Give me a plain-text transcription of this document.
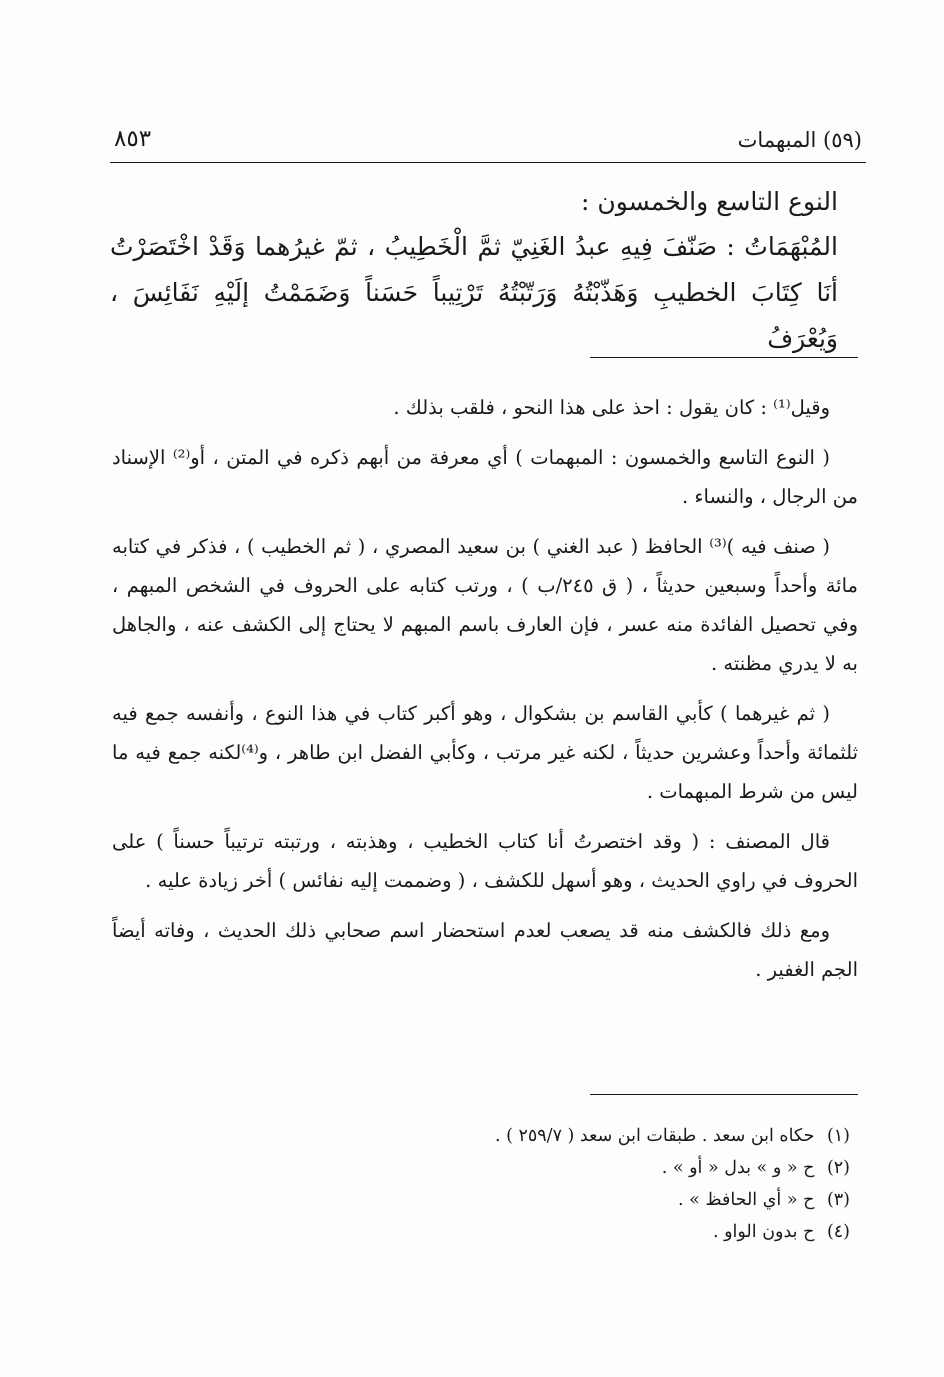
(٥٩) المبهمات
٨٥٣
النوع التاسع والخمسون :
المُبْهَمَاتُ : صَنّفَ فِيهِ عبدُ الغَنِيّ ثمَّ الْخَطِيبُ ، ثمّ غيرُهما وَقَدْ اخْتَصَرْتُ أنَا كِتَابَ الخطيبِ وَهَذّبْتُهُ وَرَتّبْتُهُ تَرْتِيباً حَسَناً وَضَمَمْتُ إلَيْهِ نَفَائِسَ ، وَيُعْرَفُ
وقيل⁽¹⁾ : كان يقول : احذ على هذا النحو ، فلقب بذلك .
( النوع التاسع والخمسون : المبهمات ) أي معرفة من أبهم ذكره في المتن ، أو⁽²⁾ الإسناد من الرجال ، والنساء .
( صنف فيه )⁽³⁾ الحافظ ( عبد الغني ) بن سعيد المصري ، ( ثم الخطيب ) ، فذكر في كتابه مائة وأحداً وسبعين حديثاً ، ( ق ٢٤٥/ب ) ، ورتب كتابه على الحروف في الشخص المبهم ، وفي تحصيل الفائدة منه عسر ، فإن العارف باسم المبهم لا يحتاج إلى الكشف عنه ، والجاهل به لا يدري مظنته .
( ثم غيرهما ) كأبي القاسم بن بشكوال ، وهو أكبر كتاب في هذا النوع ، وأنفسه جمع فيه ثلثمائة وأحداً وعشرين حديثاً ، لكنه غير مرتب ، وكأبي الفضل ابن طاهر ، و⁽⁴⁾لكنه جمع فيه ما ليس من شرط المبهمات .
قال المصنف : ( وقد اختصرتُ أنا كتاب الخطيب ، وهذبته ، ورتبته ترتيباً حسناً ) على الحروف في راوي الحديث ، وهو أسهل للكشف ، ( وضممت إليه نفائس ) أخر زيادة عليه .
ومع ذلك فالكشف منه قد يصعب لعدم استحضار اسم صحابي ذلك الحديث ، وفاته أيضاً الجم الغفير .
(١) حكاه ابن سعد . طبقات ابن سعد ( ٢٥٩/٧ ) .
(٢) ح « و » بدل « أو » .
(٣) ح « أي الحافظ » .
(٤) ح بدون الواو .
